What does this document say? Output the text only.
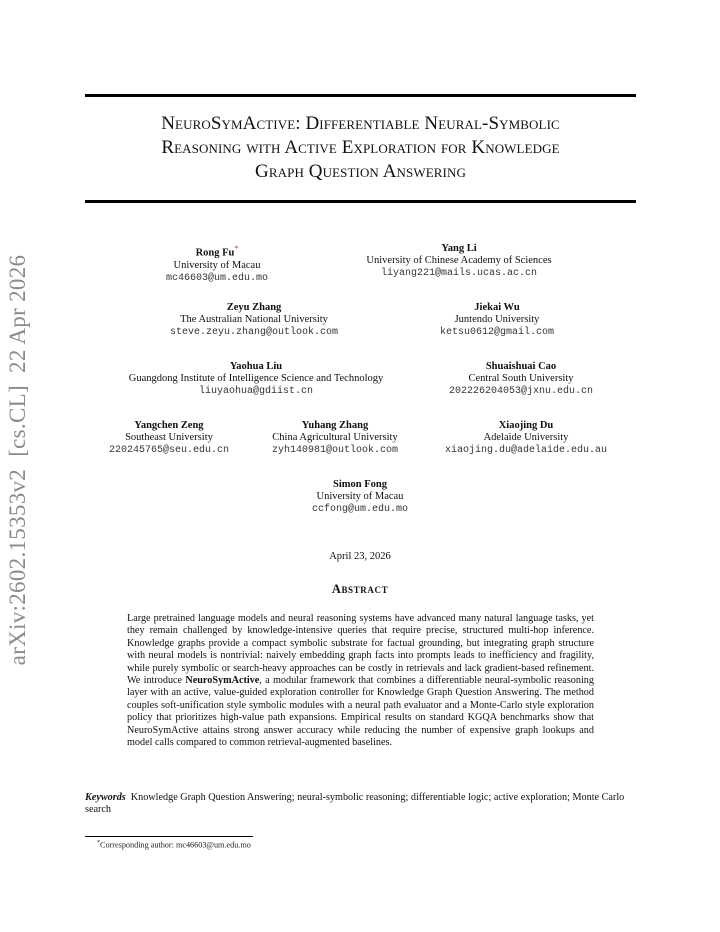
arXiv:2602.15353v2  [cs.CL]  22 Apr 2026
NeuroSymActive: Differentiable Neural-Symbolic
Reasoning with Active Exploration for Knowledge
Graph Question Answering
Rong Fu*
University of Macau
mc46603@um.edu.mo
Yang Li
University of Chinese Academy of Sciences
liyang221@mails.ucas.ac.cn
Zeyu Zhang
The Australian National University
steve.zeyu.zhang@outlook.com
Jiekai Wu
Juntendo University
ketsu0612@gmail.com
Yaohua Liu
Guangdong Institute of Intelligence Science and Technology
liuyaohua@gdiist.cn
Shuaishuai Cao
Central South University
202226204053@jxnu.edu.cn
Yangchen Zeng
Southeast University
220245765@seu.edu.cn
Yuhang Zhang
China Agricultural University
zyh140981@outlook.com
Xiaojing Du
Adelaide University
xiaojing.du@adelaide.edu.au
Simon Fong
University of Macau
ccfong@um.edu.mo
April 23, 2026
Abstract
Large pretrained language models and neural reasoning systems have advanced many natural language tasks, yet they remain challenged by knowledge-intensive queries that require precise, structured multi-hop inference. Knowledge graphs provide a compact symbolic substrate for factual grounding, but integrating graph structure with neural models is nontrivial: naively embedding graph facts into prompts leads to inefficiency and fragility, while purely symbolic or search-heavy approaches can be costly in retrievals and lack gradient-based refinement. We introduce NeuroSymActive, a modular framework that combines a differentiable neural-symbolic reasoning layer with an active, value-guided exploration controller for Knowledge Graph Question Answering. The method couples soft-unification style symbolic modules with a neural path evaluator and a Monte-Carlo style exploration policy that prioritizes high-value path expansions. Empirical results on standard KGQA benchmarks show that NeuroSymActive attains strong answer accuracy while reducing the number of expensive graph lookups and model calls compared to common retrieval-augmented baselines.
Keywords Knowledge Graph Question Answering; neural-symbolic reasoning; differentiable logic; active exploration; Monte Carlo search
*Corresponding author: mc46603@um.edu.mo
